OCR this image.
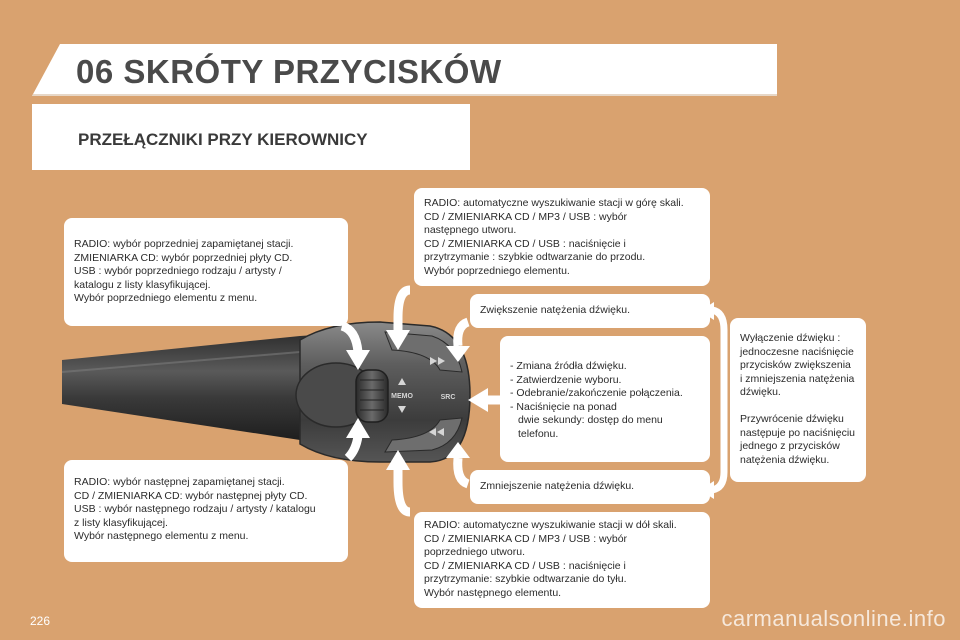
06 SKRÓTY PRZYCISKÓW
PRZEŁĄCZNIKI PRZY KIEROWNICY
MEMO	SRC
RADIO: wybór poprzedniej zapamiętanej stacji.
ZMIENIARKA CD: wybór poprzedniej płyty CD.
USB : wybór poprzedniego rodzaju / artysty /
katalogu z listy klasyfikującej.
Wybór poprzedniego elementu z menu.
RADIO: wybór następnej zapamiętanej stacji.
CD / ZMIENIARKA CD: wybór następnej płyty CD.
USB : wybór następnego rodzaju / artysty / katalogu
z listy klasyfikującej.
Wybór następnego elementu z menu.
RADIO: automatyczne wyszukiwanie stacji w górę skali.
CD / ZMIENIARKA CD / MP3 / USB : wybór
następnego utworu.
CD / ZMIENIARKA CD / USB : naciśnięcie i
przytrzymanie : szybkie odtwarzanie do przodu.
Wybór poprzedniego elementu.
Zwiększenie natężenia dźwięku.
- Zmiana źródła dźwięku.
- Zatwierdzenie wyboru.
- Odebranie/zakończenie połączenia.
- Naciśnięcie na ponad
dwie sekundy: dostęp do menu
telefonu.
Zmniejszenie natężenia dźwięku.
RADIO: automatyczne wyszukiwanie stacji w dół skali.
CD / ZMIENIARKA CD / MP3 / USB : wybór
poprzedniego utworu.
CD / ZMIENIARKA CD / USB : naciśnięcie i
przytrzymanie: szybkie odtwarzanie do tyłu.
Wybór następnego elementu.
Wyłączenie dźwięku :
jednoczesne naciśnięcie
przycisków zwiększenia
i zmniejszenia natężenia
dźwięku.
Przywrócenie dźwięku
następuje po naciśnięciu
jednego z przycisków
natężenia dźwięku.
226	carmanualsonline.info
